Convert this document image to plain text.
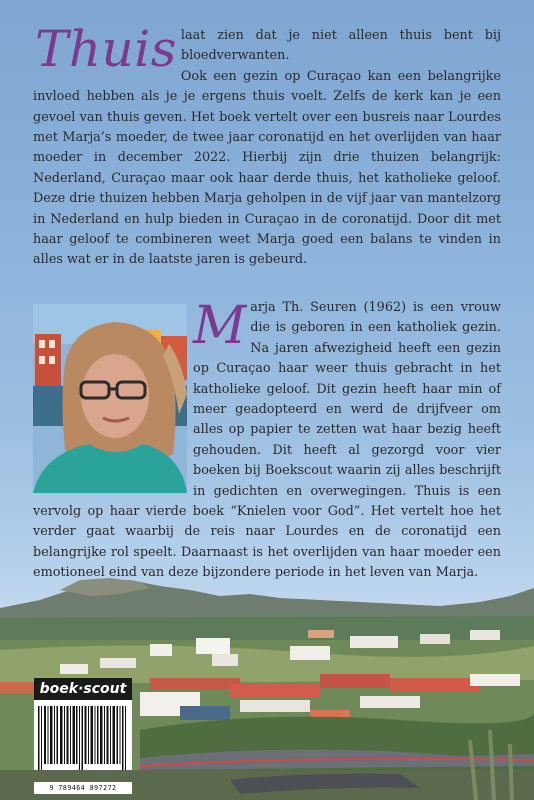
Thuis laat zien dat je niet alleen thuis bent bij bloedverwanten.
Ook een gezin op Curaçao kan een belangrijke invloed hebben als je je ergens thuis voelt. Zelfs de kerk kan je een gevoel van thuis geven. Het boek vertelt over een busreis naar Lourdes met Marja’s moeder, de twee jaar coronatijd en het overlijden van haar moeder in december 2022. Hierbij zijn drie thuizen belangrijk: Nederland, Curaçao maar ook haar derde thuis, het katholieke geloof. Deze drie thuizen hebben Marja geholpen in de vijf jaar van mantelzorg in Nederland en hulp bieden in Curaçao in de coronatijd. Door dit met haar geloof te combineren weet Marja goed een balans te vinden in alles wat er in de laatste jaren is gebeurd.

M arja Th. Seuren (1962) is een vrouw die is geboren in een katholiek gezin. Na jaren afwezigheid heeft een gezin op Curaçao haar weer thuis gebracht in het katholieke geloof. Dit gezin heeft haar min of meer geadopteerd en werd de drijfveer om alles op papier te zetten wat haar bezig heeft gehouden. Dit heeft al gezorgd voor vier boeken bij Boekscout waarin zij alles beschrijft in gedichten en overwegingen. Thuis is een vervolg op haar vierde boek “Knielen voor God”. Het vertelt hoe het verder gaat waarbij de reis naar Lourdes en de coronatijd een belangrijke rol speelt. Daarnaast is het overlijden van haar moeder een emotioneel eind van deze bijzondere periode in het leven van Marja.
boek·scout
9 789464 897272
